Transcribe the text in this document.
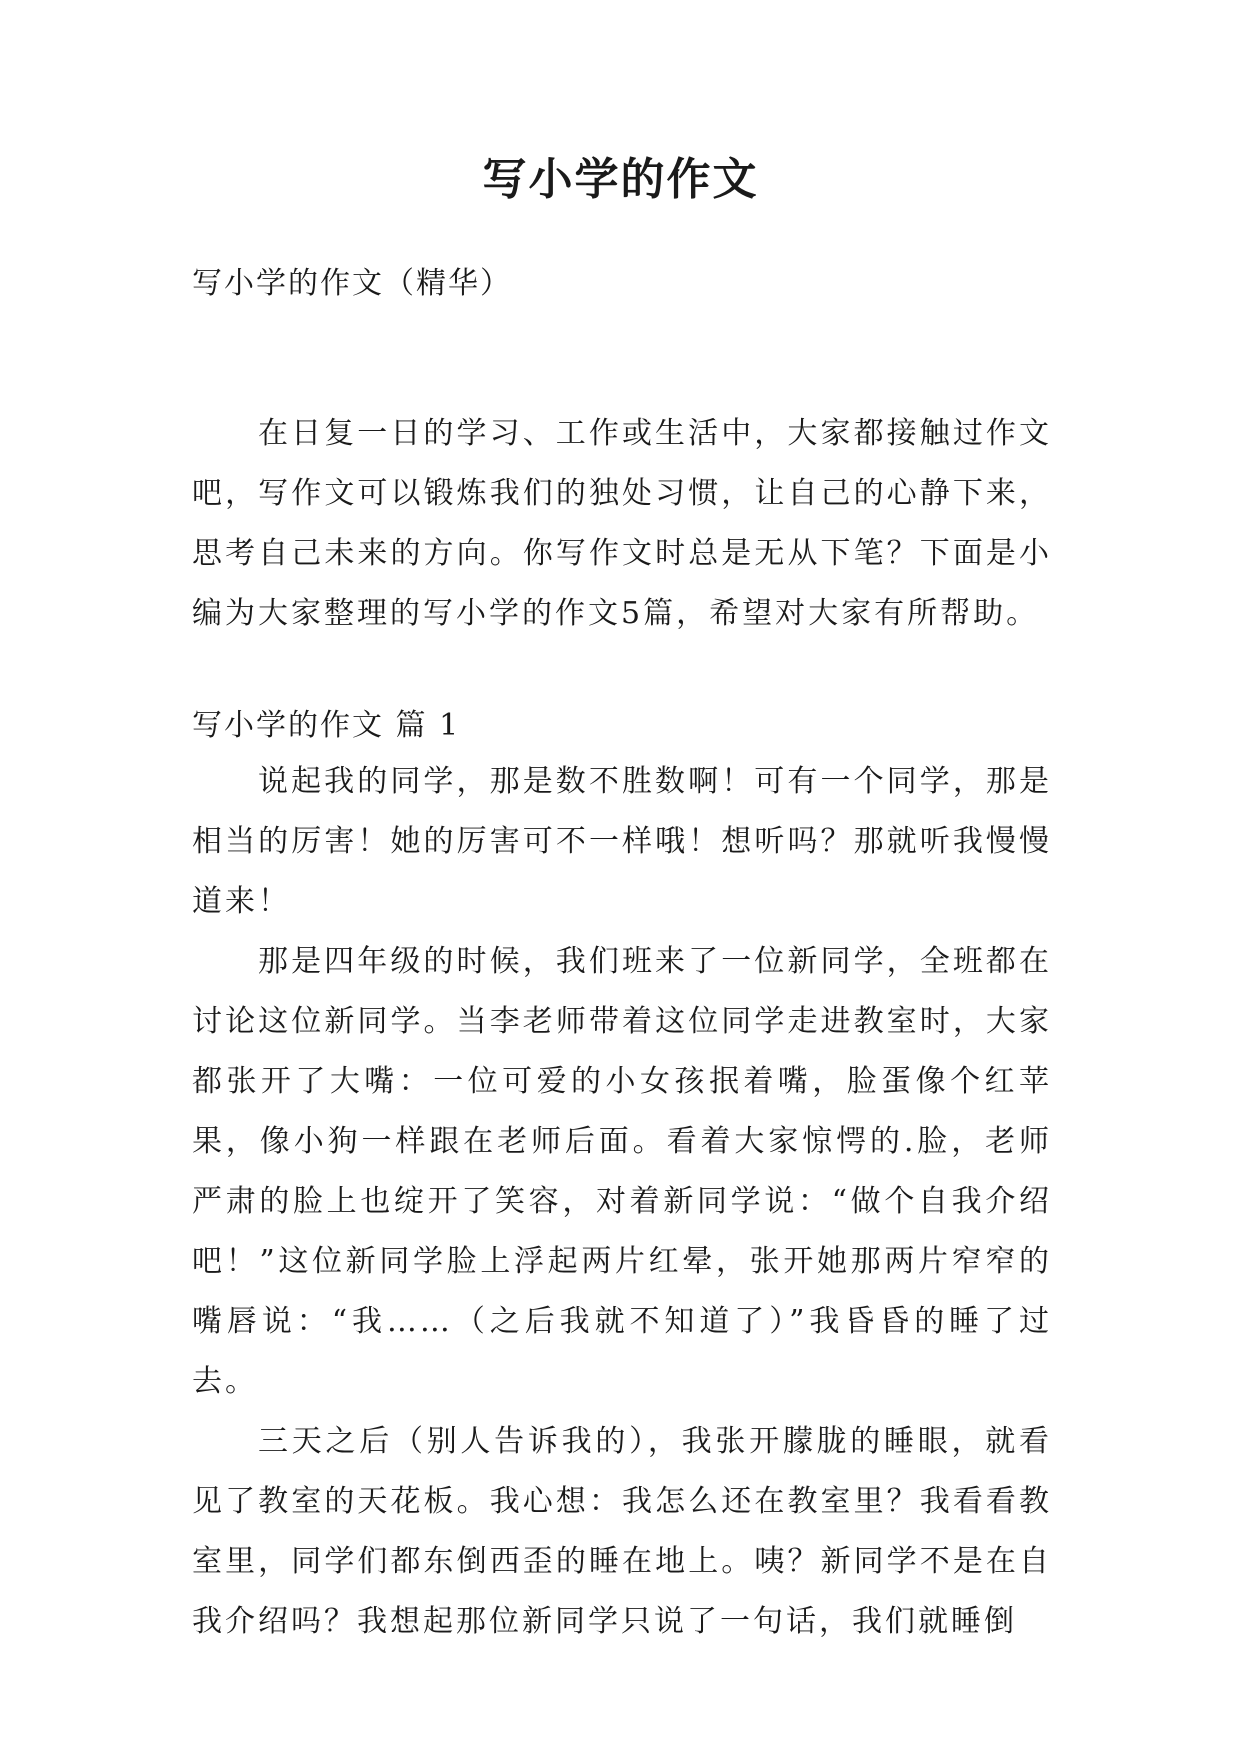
写小学的作文
写小学的作文（精华）

在日复一日的学习、工作或生活中，大家都接触过作文吧，写作文可以锻炼我们的独处习惯，让自己的心静下来，思考自己未来的方向。你写作文时总是无从下笔？下面是小编为大家整理的写小学的作文5篇，希望对大家有所帮助。

写小学的作文 篇 1

说起我的同学，那是数不胜数啊！可有一个同学，那是相当的厉害！她的厉害可不一样哦！想听吗？那就听我慢慢道来！

那是四年级的时候，我们班来了一位新同学，全班都在讨论这位新同学。当李老师带着这位同学走进教室时，大家都张开了大嘴：一位可爱的小女孩抿着嘴，脸蛋像个红苹果，像小狗一样跟在老师后面。看着大家惊愕的.脸，老师严肃的脸上也绽开了笑容，对着新同学说：“做个自我介绍吧！”这位新同学脸上浮起两片红晕，张开她那两片窄窄的嘴唇说：“我……（之后我就不知道了）”我昏昏的睡了过去。

三天之后（别人告诉我的），我张开朦胧的睡眼，就看见了教室的天花板。我心想：我怎么还在教室里？我看看教室里，同学们都东倒西歪的睡在地上。咦？新同学不是在自我介绍吗？我想起那位新同学只说了一句话，我们就睡倒
